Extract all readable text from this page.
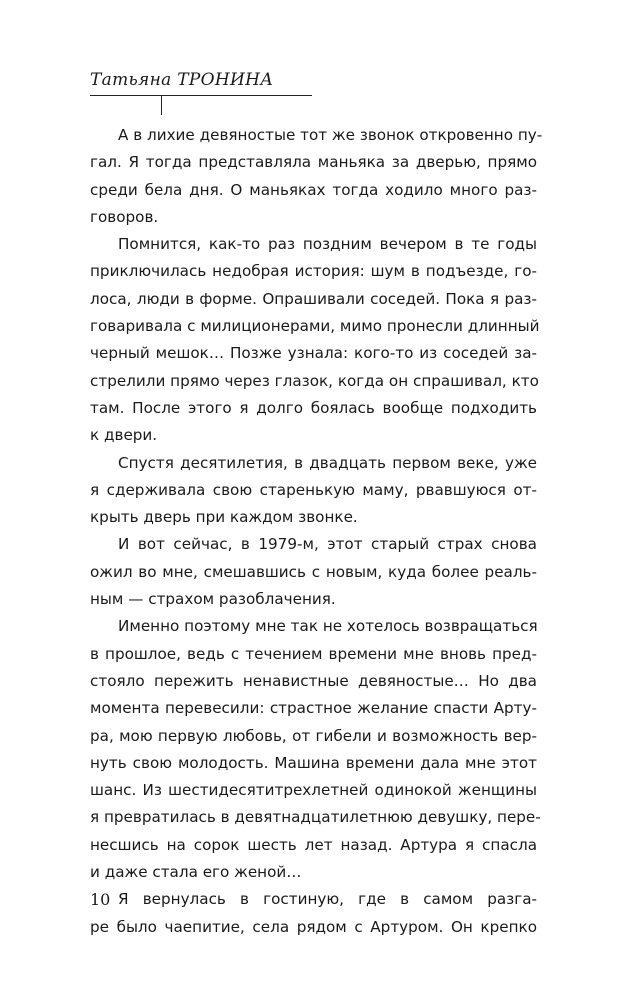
Татьяна ТРОНИНА
А в лихие девяностые тот же звонок откровенно пу-
гал. Я тогда представляла маньяка за дверью, прямо
среди бела дня. О маньяках тогда ходило много раз-
говоров.
Помнится, как-то раз поздним вечером в те годы
приключилась недобрая история: шум в подъезде, го-
лоса, люди в форме. Опрашивали соседей. Пока я раз-
говаривала с милиционерами, мимо пронесли длинный
черный мешок… Позже узнала: кого-то из соседей за-
стрелили прямо через глазок, когда он спрашивал, кто
там. После этого я долго боялась вообще подходить
к двери.
Спустя десятилетия, в двадцать первом веке, уже
я сдерживала свою старенькую маму, рвавшуюся от-
крыть дверь при каждом звонке.
И вот сейчас, в 1979-м, этот старый страх снова
ожил во мне, смешавшись с новым, куда более реаль-
ным — страхом разоблачения.
Именно поэтому мне так не хотелось возвращаться
в прошлое, ведь с течением времени мне вновь пред-
стояло пережить ненавистные девяностые… Но два
момента перевесили: страстное желание спасти Арту-
ра, мою первую любовь, от гибели и возможность вер-
нуть свою молодость. Машина времени дала мне этот
шанс. Из шестидесятитрехлетней одинокой женщины
я превратилась в девятнадцатилетнюю девушку, пере-
несшись на сорок шесть лет назад. Артура я спасла
и даже стала его женой…
Я вернулась в гостиную, где в самом разга-
ре было чаепитие, села рядом с Артуром. Он крепко
10
